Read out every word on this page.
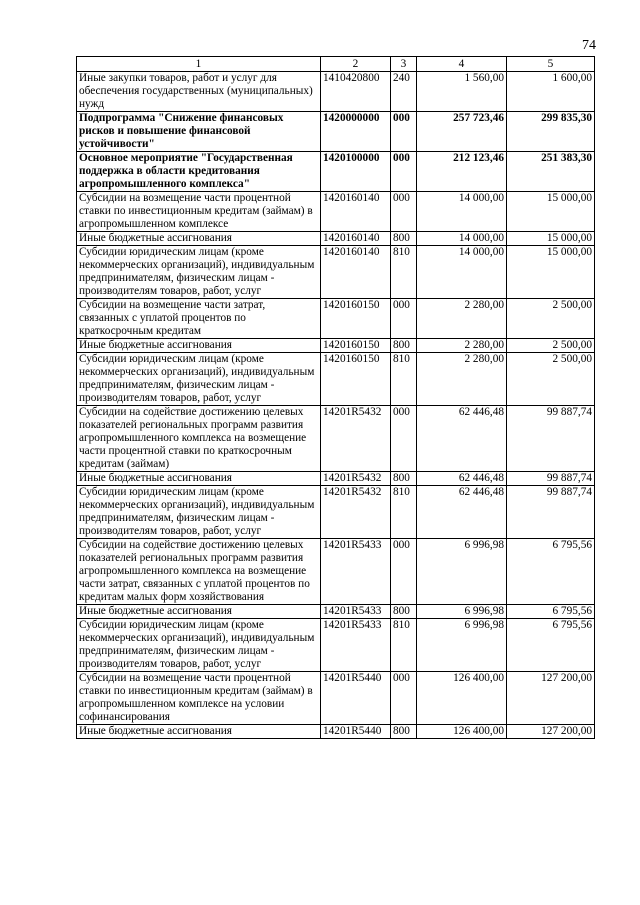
74
1	2	3	4	5
Иные закупки товаров, работ и услуг для обеспечения государственных (муниципальных) нужд	1410420800	240	1 560,00	1 600,00
Подпрограмма "Снижение финансовых рисков и повышение финансовой устойчивости"	1420000000	000	257 723,46	299 835,30
Основное мероприятие "Государственная поддержка в области кредитования агропромышленного комплекса"	1420100000	000	212 123,46	251 383,30
Субсидии на возмещение части процентной ставки по инвестиционным кредитам (займам) в агропромышленном комплексе	1420160140	000	14 000,00	15 000,00
Иные бюджетные ассигнования	1420160140	800	14 000,00	15 000,00
Субсидии юридическим лицам (кроме некоммерческих организаций), индивидуальным предпринимателям, физическим лицам - производителям товаров, работ, услуг	1420160140	810	14 000,00	15 000,00
Субсидии на возмещение части затрат, связанных с уплатой процентов по краткосрочным кредитам	1420160150	000	2 280,00	2 500,00
Иные бюджетные ассигнования	1420160150	800	2 280,00	2 500,00
Субсидии юридическим лицам (кроме некоммерческих организаций), индивидуальным предпринимателям, физическим лицам - производителям товаров, работ, услуг	1420160150	810	2 280,00	2 500,00
Субсидии на содействие достижению целевых показателей региональных программ развития агропромышленного комплекса на возмещение части процентной ставки по краткосрочным кредитам (займам)	14201R5432	000	62 446,48	99 887,74
Иные бюджетные ассигнования	14201R5432	800	62 446,48	99 887,74
Субсидии юридическим лицам (кроме некоммерческих организаций), индивидуальным предпринимателям, физическим лицам - производителям товаров, работ, услуг	14201R5432	810	62 446,48	99 887,74
Субсидии на содействие достижению целевых показателей региональных программ развития агропромышленного комплекса на возмещение части затрат, связанных с уплатой процентов по кредитам малых форм хозяйствования	14201R5433	000	6 996,98	6 795,56
Иные бюджетные ассигнования	14201R5433	800	6 996,98	6 795,56
Субсидии юридическим лицам (кроме некоммерческих организаций), индивидуальным предпринимателям, физическим лицам - производителям товаров, работ, услуг	14201R5433	810	6 996,98	6 795,56
Субсидии на возмещение части процентной ставки по инвестиционным кредитам (займам) в агропромышленном комплексе на условии софинансирования	14201R5440	000	126 400,00	127 200,00
Иные бюджетные ассигнования	14201R5440	800	126 400,00	127 200,00
